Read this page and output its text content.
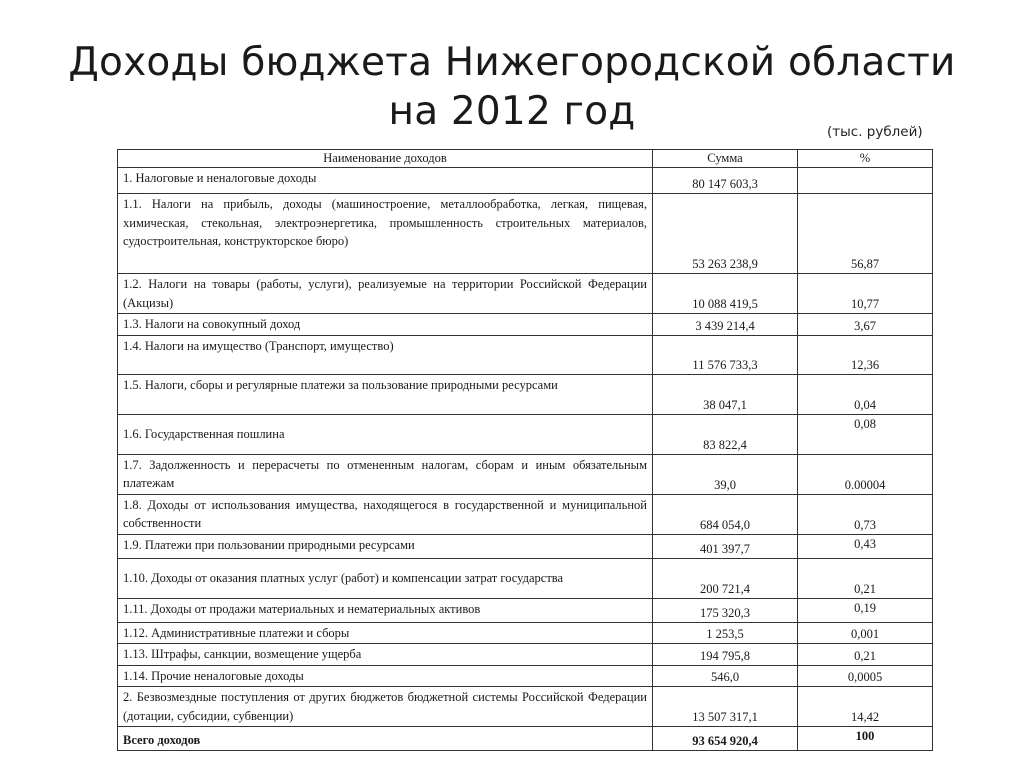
Доходы бюджета Нижегородской области на 2012 год	(тыс. рублей)
Наименование доходов	Сумма	%
1. Налоговые и неналоговые доходы	80 147 603,3	
1.1. Налоги на прибыль, доходы (машиностроение, металлообработка, легкая, пищевая, химическая, стекольная, электроэнергетика, промышленность строительных материалов, судостроительная, конструкторское бюро)	53 263 238,9	56,87
1.2. Налоги на товары (работы, услуги), реализуемые на территории Российской Федерации (Акцизы)	10 088 419,5	10,77
1.3. Налоги на совокупный доход	3 439 214,4	3,67
1.4. Налоги на имущество (Транспорт, имущество)	11 576 733,3	12,36
1.5. Налоги, сборы и регулярные платежи за пользование природными ресурсами	38 047,1	0,04
1.6. Государственная пошлина	83 822,4	0,08
1.7. Задолженность и перерасчеты по отмененным налогам, сборам и иным обязательным платежам	39,0	0.00004
1.8. Доходы от использования имущества, находящегося в государственной и муниципальной собственности	684 054,0	0,73
1.9. Платежи при пользовании природными ресурсами	401 397,7	0,43
1.10. Доходы от оказания платных услуг (работ) и компенсации затрат государства	200 721,4	0,21
1.11. Доходы от продажи материальных и нематериальных активов	175 320,3	0,19
1.12. Административные платежи и сборы	1 253,5	0,001
1.13. Штрафы, санкции, возмещение ущерба	194 795,8	0,21
1.14. Прочие неналоговые доходы	546,0	0,0005
2. Безвозмездные поступления от других бюджетов бюджетной системы Российской Федерации (дотации, субсидии, субвенции)	13 507 317,1	14,42
Всего доходов	93 654 920,4	100
